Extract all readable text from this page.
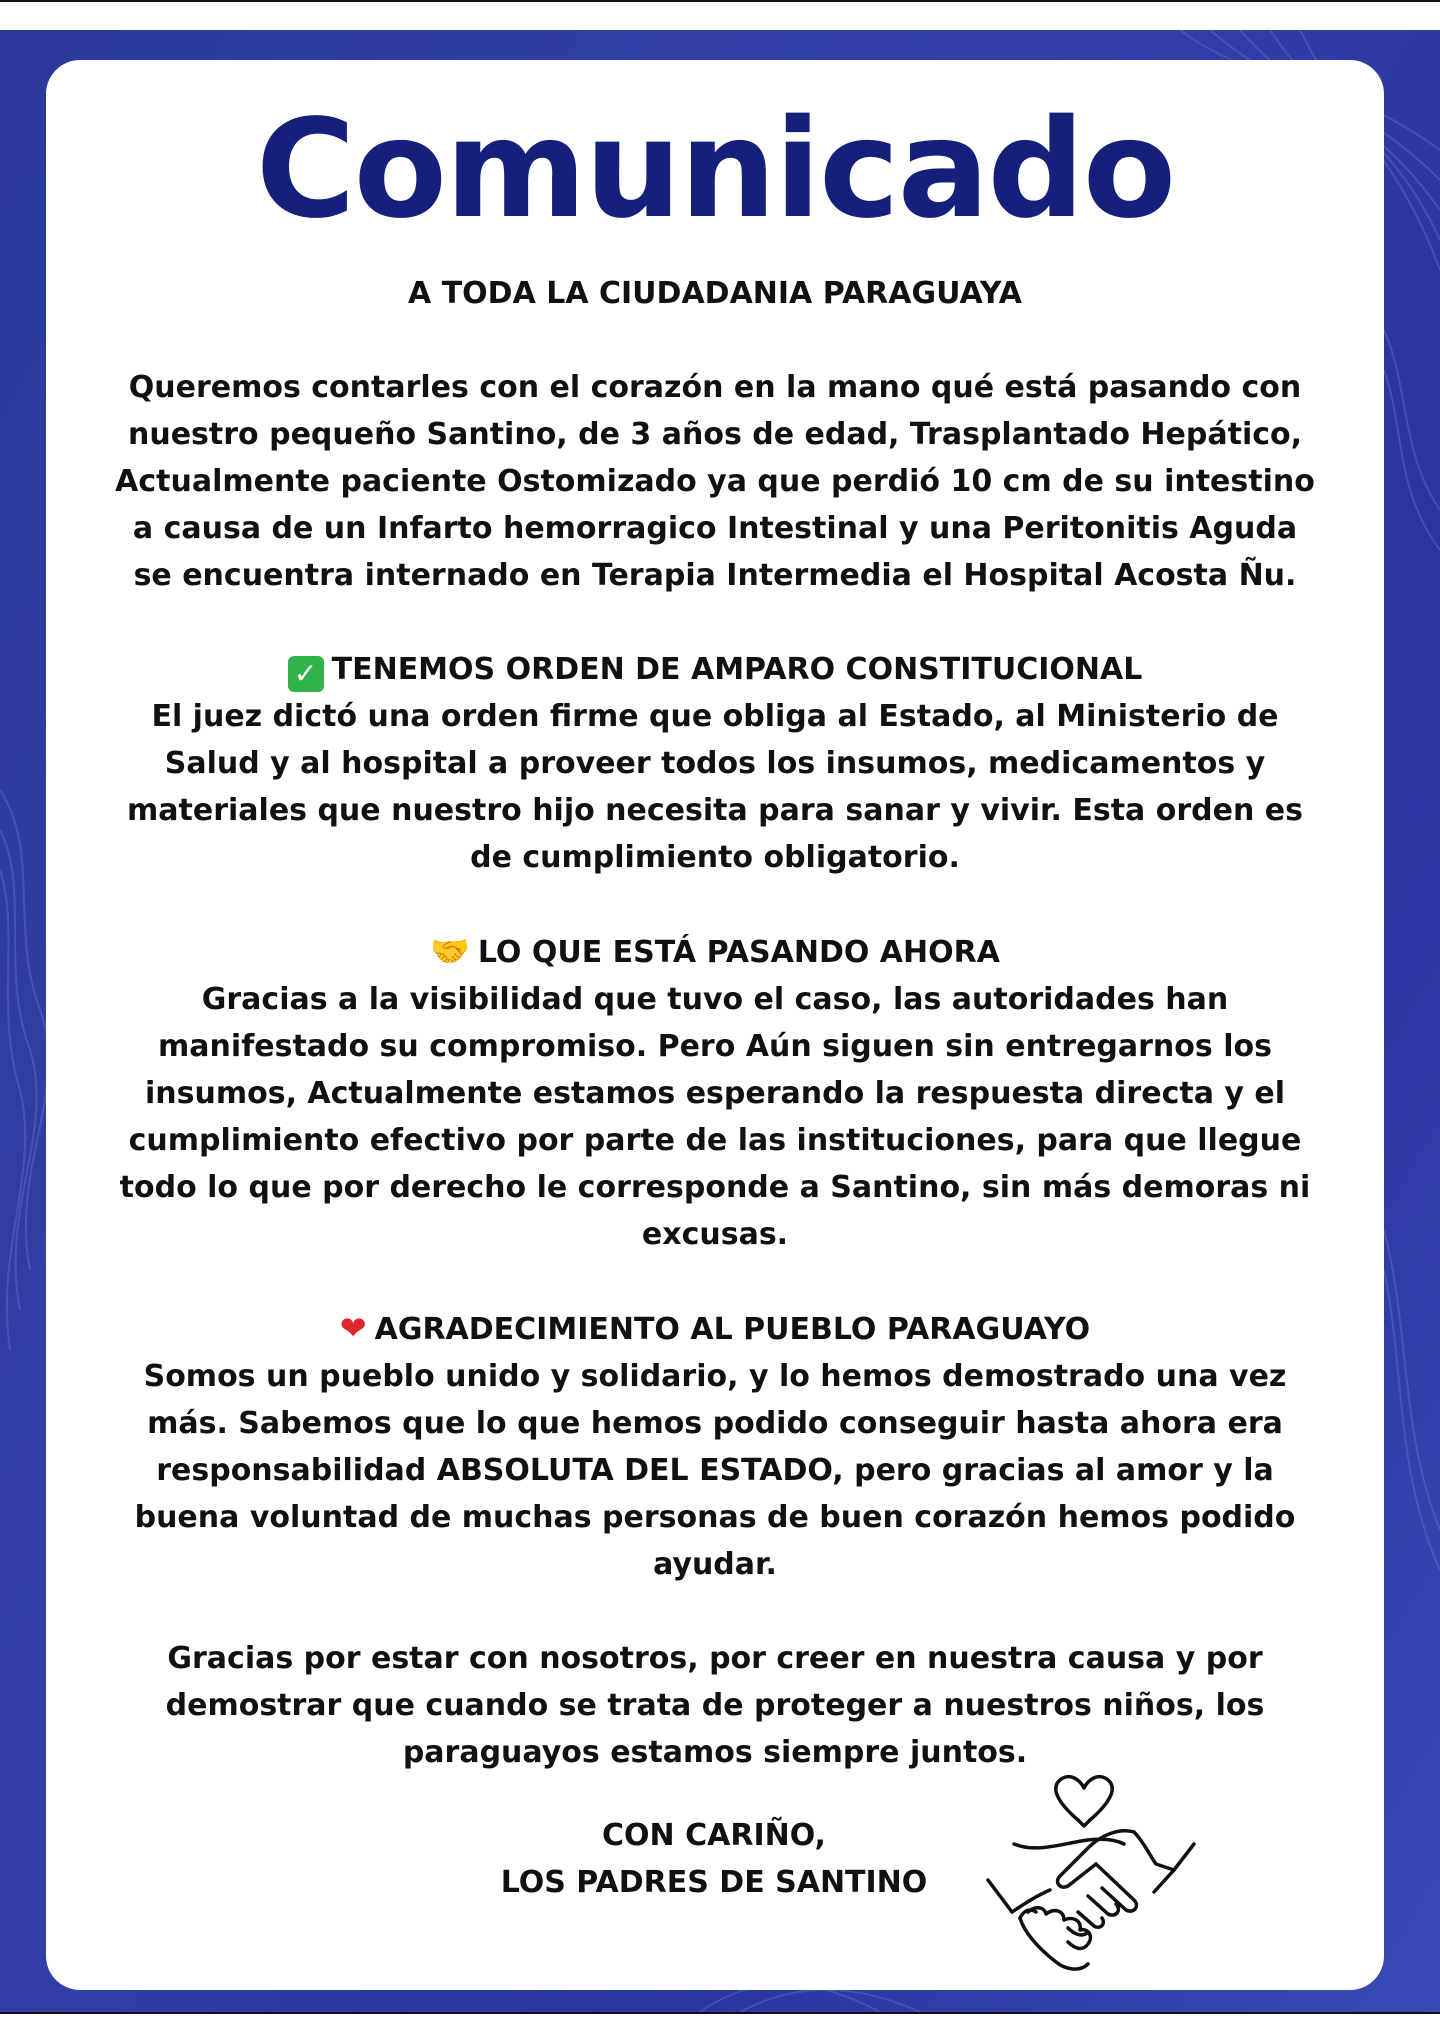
Comunicado

A TODA LA CIUDADANIA PARAGUAYA

Queremos contarles con el corazón en la mano qué está pasando con

nuestro pequeño Santino, de 3 años de edad, Trasplantado Hepático,

Actualmente paciente Ostomizado ya que perdió 10 cm de su intestino

a causa de un Infarto hemorragico Intestinal y una Peritonitis Aguda

se encuentra internado en Terapia Intermedia el Hospital Acosta Ñu.

✓ TENEMOS ORDEN DE AMPARO CONSTITUCIONAL

El juez dictó una orden firme que obliga al Estado, al Ministerio de

Salud y al hospital a proveer todos los insumos, medicamentos y

materiales que nuestro hijo necesita para sanar y vivir. Esta orden es

de cumplimiento obligatorio.

🤝 LO QUE ESTÁ PASANDO AHORA

Gracias a la visibilidad que tuvo el caso, las autoridades han

manifestado su compromiso. Pero Aún siguen sin entregarnos los

insumos, Actualmente estamos esperando la respuesta directa y el

cumplimiento efectivo por parte de las instituciones, para que llegue

todo lo que por derecho le corresponde a Santino, sin más demoras ni

excusas.

❤ AGRADECIMIENTO AL PUEBLO PARAGUAYO

Somos un pueblo unido y solidario, y lo hemos demostrado una vez

más. Sabemos que lo que hemos podido conseguir hasta ahora era

responsabilidad ABSOLUTA DEL ESTADO, pero gracias al amor y la

buena voluntad de muchas personas de buen corazón hemos podido

ayudar.

Gracias por estar con nosotros, por creer en nuestra causa y por

demostrar que cuando se trata de proteger a nuestros niños, los

paraguayos estamos siempre juntos.

CON CARIÑO,

LOS PADRES DE SANTINO
